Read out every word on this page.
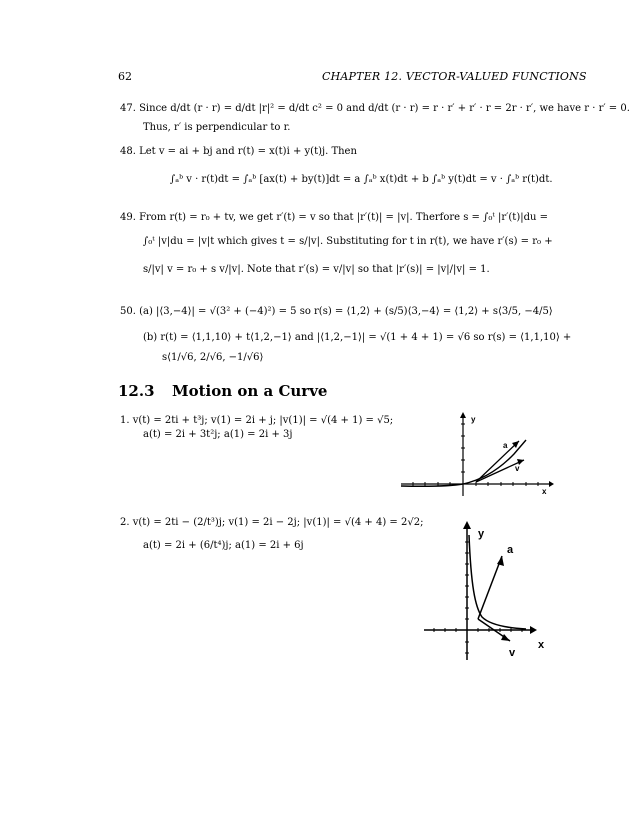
62	CHAPTER 12. VECTOR-VALUED FUNCTIONS
47. Since d/dt (r · r) = d/dt |r|² = d/dt c² = 0 and d/dt (r · r) = r · r′ + r′ · r = 2r · r′, we have r · r′ = 0.
Thus, r′ is perpendicular to r.
48. Let v = ai + bj and r(t) = x(t)i + y(t)j. Then
∫ₐᵇ v · r(t)dt = ∫ₐᵇ [ax(t) + by(t)]dt = a ∫ₐᵇ x(t)dt + b ∫ₐᵇ y(t)dt = v · ∫ₐᵇ r(t)dt.
49. From r(t) = r₀ + tv, we get r′(t) = v so that |r′(t)| = |v|. Therfore s = ∫₀ᵗ |r′(t)|du =
∫₀ᵗ |v|du = |v|t which gives t = s/|v|. Substituting for t in r(t), we have r′(s) = r₀ +
s/|v| v = r₀ + s v/|v|. Note that r′(s) = v/|v| so that |r′(s)| = |v|/|v| = 1.
50. (a) |⟨3,−4⟩| = √(3² + (−4)²) = 5 so r(s) = ⟨1,2⟩ + (s/5)⟨3,−4⟩ = ⟨1,2⟩ + s⟨3/5, −4/5⟩
(b) r(t) = ⟨1,1,10⟩ + t⟨1,2,−1⟩ and |⟨1,2,−1⟩| = √(1 + 4 + 1) = √6 so r(s) = ⟨1,1,10⟩ +
s⟨1/√6, 2/√6, −1/√6⟩
12.3 Motion on a Curve
1. v(t) = 2ti + t³j; v(1) = 2i + j; |v(1)| = √(4 + 1) = √5;
a(t) = 2i + 3t²j; a(1) = 2i + 3j
y
x
a
v
2. v(t) = 2ti − (2/t³)j; v(1) = 2i − 2j; |v(1)| = √(4 + 4) = 2√2;
a(t) = 2i + (6/t⁴)j; a(1) = 2i + 6j
y
x
a
v
